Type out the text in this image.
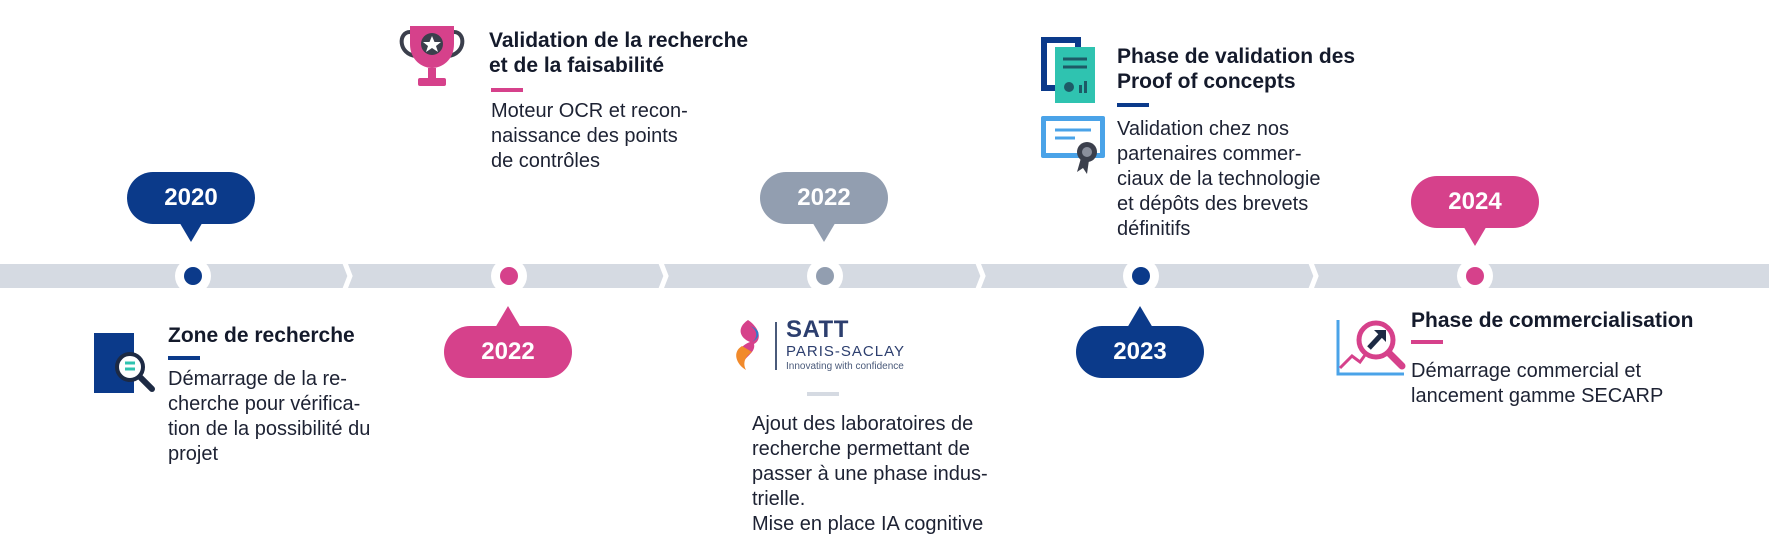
2020
2022
2022
2023
2024
Zone de recherche
Démarrage de la re-
cherche pour vérifica-
tion de la possibilité du
projet
Validation de la recherche
et de la faisabilité
Moteur OCR et recon-
naissance des points
de contrôles
SATT
PARIS-SACLAY
Innovating with confidence
Ajout des laboratoires de
recherche permettant de
passer à une phase indus-
trielle.
Mise en place IA cognitive
Phase de validation des
Proof of concepts
Validation chez nos
partenaires commer-
ciaux de la technologie
et dépôts des brevets
définitifs
Phase de commercialisation
Démarrage commercial et
lancement gamme SECARP
